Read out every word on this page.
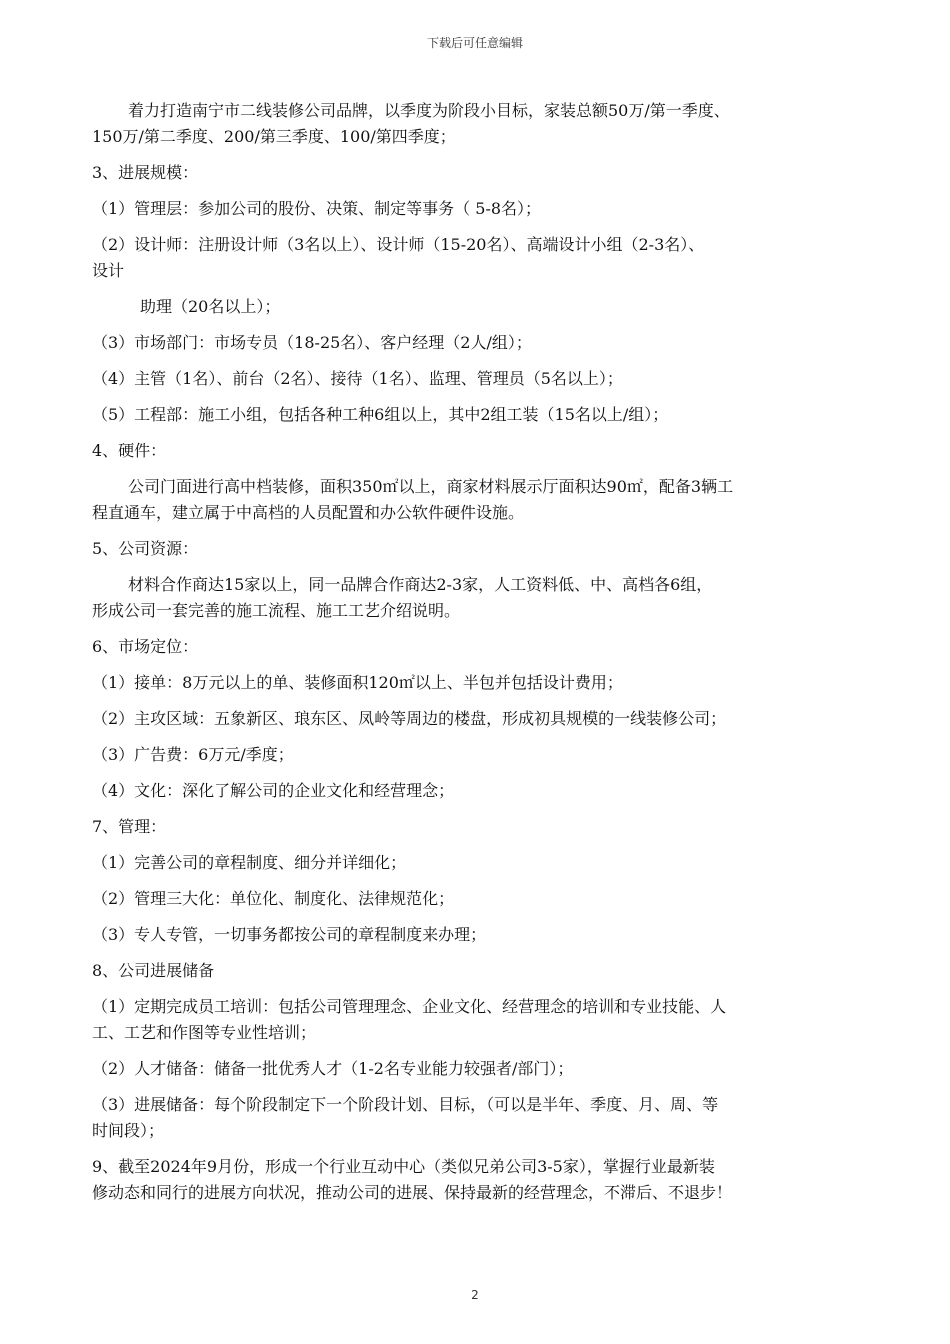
下载后可任意编辑

着力打造南宁市二线装修公司品牌，以季度为阶段小目标，家装总额50万/第一季度、

150万/第二季度、200/第三季度、100/第四季度；

3、进展规模：

（1）管理层：参加公司的股份、决策、制定等事务（ 5-8名）；

（2）设计师：注册设计师（3名以上）、设计师（15-20名）、高端设计小组（2-3名）、

设计

助理（20名以上）；

（3）市场部门：市场专员（18-25名）、客户经理（2人/组）；

（4）主管（1名）、前台（2名）、接待（1名）、监理、管理员（5名以上）；

（5）工程部：施工小组，包括各种工种6组以上，其中2组工装（15名以上/组）；

4、硬件：

公司门面进行高中档装修，面积350㎡以上，商家材料展示厅面积达90㎡，配备3辆工

程直通车，建立属于中高档的人员配置和办公软件硬件设施。

5、公司资源：

材料合作商达15家以上，同一品牌合作商达2-3家，人工资料低、中、高档各6组，

形成公司一套完善的施工流程、施工工艺介绍说明。

6、市场定位：

（1）接单：8万元以上的单、装修面积120㎡以上、半包并包括设计费用；

（2）主攻区域：五象新区、琅东区、凤岭等周边的楼盘，形成初具规模的一线装修公司；

（3）广告费：6万元/季度；

（4）文化：深化了解公司的企业文化和经营理念；

7、管理：

（1）完善公司的章程制度、细分并详细化；

（2）管理三大化：单位化、制度化、法律规范化；

（3）专人专管，一切事务都按公司的章程制度来办理；

8、公司进展储备

（1）定期完成员工培训：包括公司管理理念、企业文化、经营理念的培训和专业技能、人

工、工艺和作图等专业性培训；

（2）人才储备：储备一批优秀人才（1-2名专业能力较强者/部门）；

（3）进展储备：每个阶段制定下一个阶段计划、目标，（可以是半年、季度、月、周、等

时间段）；

9、截至2024年9月份，形成一个行业互动中心（类似兄弟公司3-5家），掌握行业最新装

修动态和同行的进展方向状况，推动公司的进展、保持最新的经营理念，不滞后、不退步！

2
